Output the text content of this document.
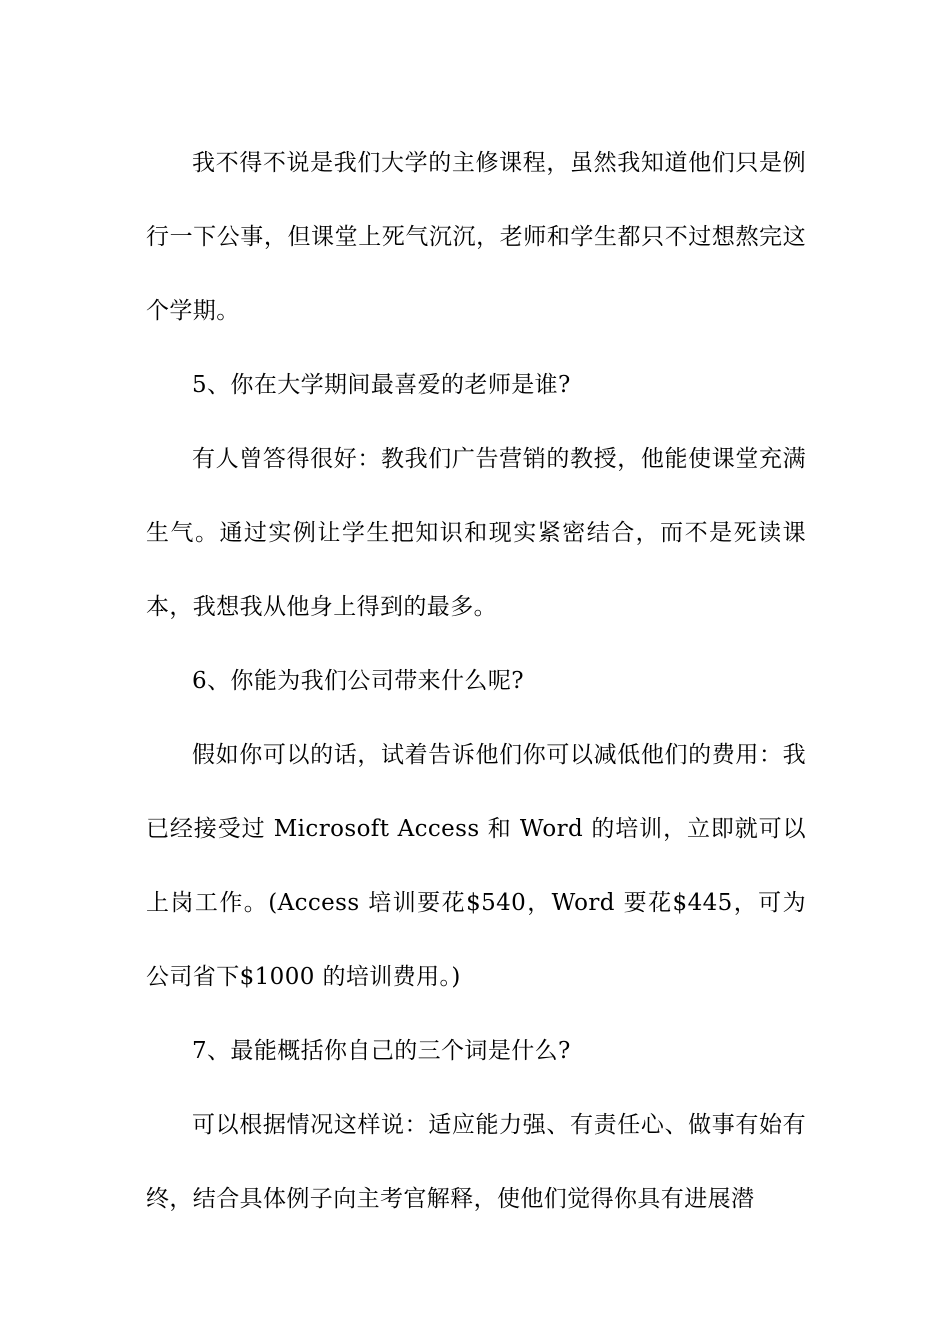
我不得不说是我们大学的主修课程，虽然我知道他们只是例行一下公事，但课堂上死气沉沉，老师和学生都只不过想熬完这个学期。

5、你在大学期间最喜爱的老师是谁?

有人曾答得很好：教我们广告营销的教授，他能使课堂充满生气。通过实例让学生把知识和现实紧密结合，而不是死读课本，我想我从他身上得到的最多。

6、你能为我们公司带来什么呢?

假如你可以的话，试着告诉他们你可以减低他们的费用：我已经接受过 Microsoft Access 和 Word 的培训，立即就可以上岗工作。(Access 培训要花$540，Word 要花$445，可为公司省下$1000 的培训费用。)

7、最能概括你自己的三个词是什么?

可以根据情况这样说：适应能力强、有责任心、做事有始有终，结合具体例子向主考官解释，使他们觉得你具有进展潜
